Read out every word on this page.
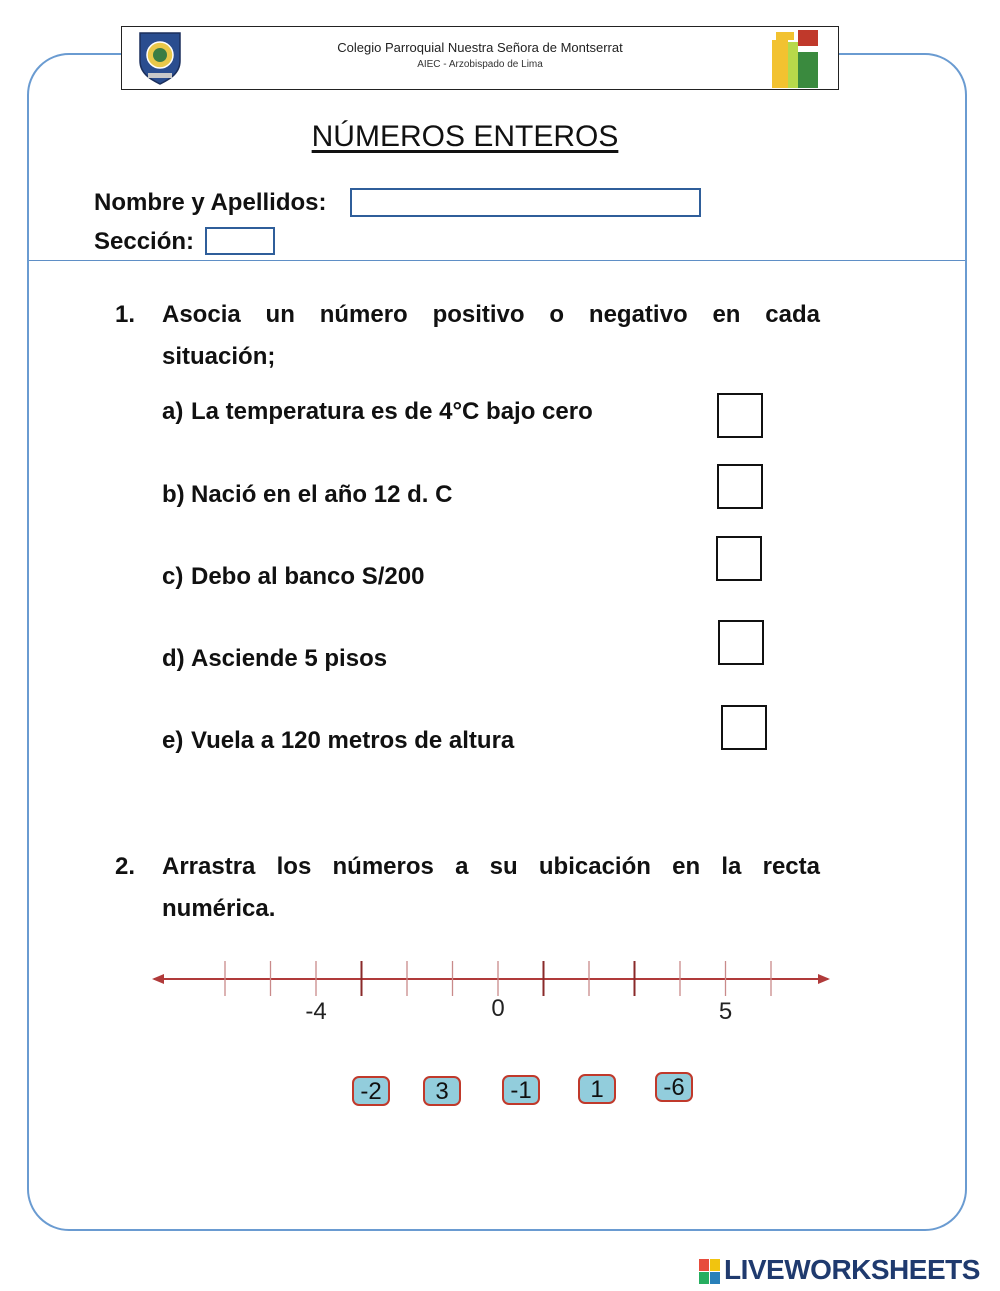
Colegio Parroquial Nuestra Señora de Montserrat
AIEC - Arzobispado de Lima
NÚMEROS ENTEROS
Nombre y Apellidos:
Sección:
1. Asocia un número positivo o negativo en cada
situación;
a) La temperatura es de 4°C bajo cero
b) Nació en el año 12 d. C
c) Debo al banco S/200
d) Asciende 5 pisos
e) Vuela a 120 metros de altura
2. Arrastra los números a su ubicación en la recta
numérica.
-4	0	5
-2	3	-1	1	-6
LIVEWORKSHEETS
